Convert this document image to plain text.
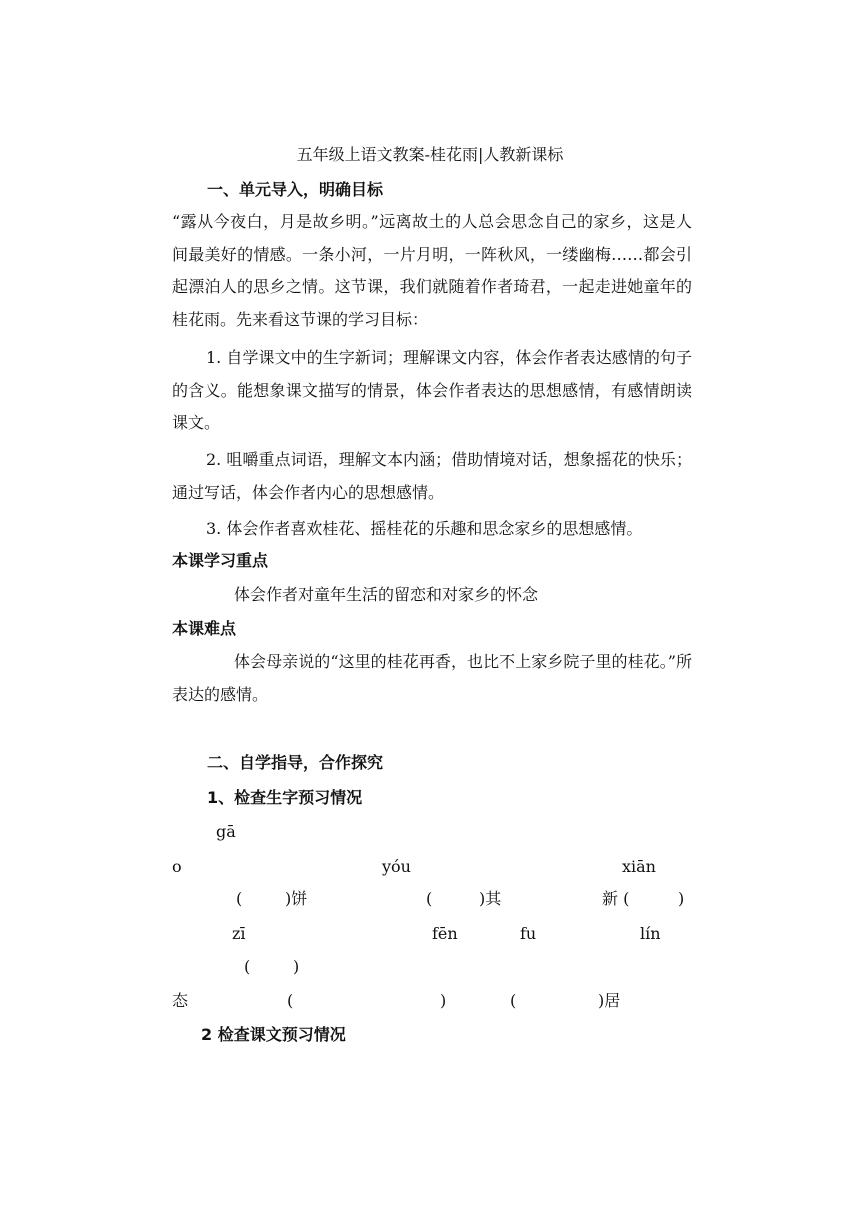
五年级上语文教案-桂花雨|人教新课标
一、单元导入，明确目标
“露从今夜白，月是故乡明。”远离故土的人总会思念自己的家乡，这是人间最美好的情感。一条小河，一片月明，一阵秋风，一缕幽梅……都会引起漂泊人的思乡之情。这节课，我们就随着作者琦君，一起走进她童年的桂花雨。先来看这节课的学习目标：
1. 自学课文中的生字新词；理解课文内容，体会作者表达感情的句子的含义。能想象课文描写的情景，体会作者表达的思想感情，有感情朗读课文。
2. 咀嚼重点词语，理解文本内涵；借助情境对话，想象摇花的快乐；通过写话，体会作者内心的思想感情。
3. 体会作者喜欢桂花、摇桂花的乐趣和思念家乡的思想感情。
本课学习重点
体会作者对童年生活的留恋和对家乡的怀念
本课难点
体会母亲说的“这里的桂花再香，也比不上家乡院子里的桂花。”所表达的感情。
二、自学指导，合作探究
1、检查生字预习情况
gā
o	yóu	xiān
(	)饼	(	)其	新 (	)
zī	fēn	fu	lín
(	)
态	(	)	(	)居
2 检查课文预习情况
